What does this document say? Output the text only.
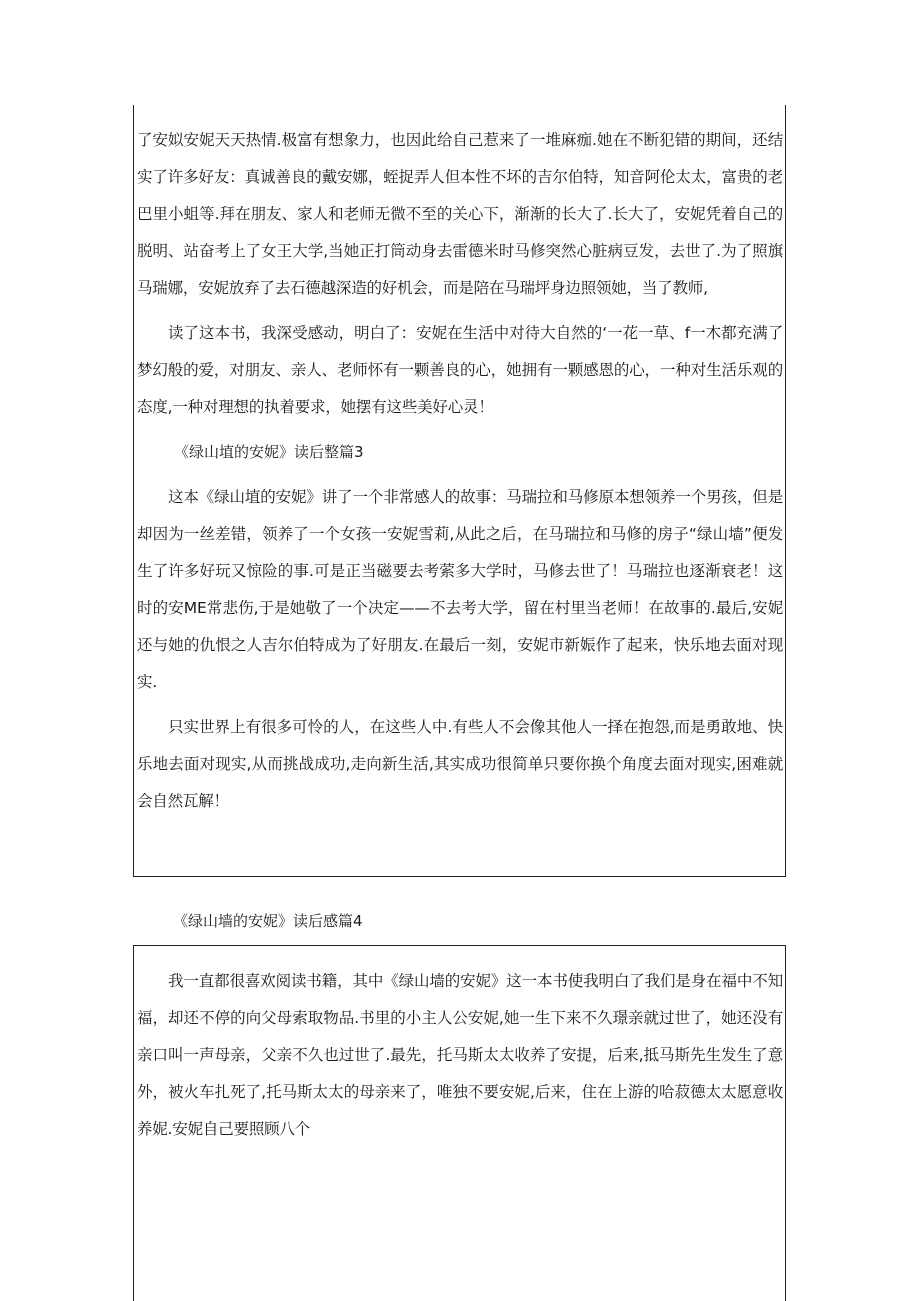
了安姒安妮天天热情.极富有想象力，也因此给自己惹来了一堆麻痂.她在不断犯错的期间，还结实了许多好友：真诚善良的戴安娜，蛭捉弄人但本性不坏的吉尔伯特，知音阿伦太太，富贵的老巴里小蛆等.拜在朋友、家人和老师无微不至的关心下，渐渐的长大了.长大了，安妮凭着自己的脱明、站奋考上了女王大学,当她正打筒动身去雷德米时马修突然心脏病豆发，去世了.为了照旗马瑞娜，安妮放弃了去石德越深造的好机会，而是陪在马瑞坪身边照领她，当了教师,

读了这本书，我深受感动，明白了：安妮在生活中对待大自然的‘一花一草、f一木都充满了梦幻般的爱，对朋友、亲人、老师怀有一颗善良的心，她拥有一颗感恩的心，一种对生活乐观的态度,一种对理想的执着要求，她摆有这些美好心灵！

《绿山埴的安妮》读后整篇3

这本《绿山埴的安妮》讲了一个非常感人的故事：马瑞拉和马修原本想领养一个男孩，但是却因为一丝差错，领养了一个女孩一安妮雪莉,从此之后，在马瑞拉和马修的房子“绿山墙”便发生了许多好玩又惊险的事.可是正当磁要去考萦多大学时，马修去世了！马瑞拉也逐渐衰老！这时的安ME常悲伤,于是她敬了一个决定——不去考大学，留在村里当老师！在故事的.最后,安妮还与她的仇恨之人吉尔伯特成为了好朋友.在最后一刻，安妮市新娠作了起来，快乐地去面对现实.

只实世界上有很多可怜的人，在这些人中.有些人不会像其他人一择在抱怨,而是勇敢地、快乐地去面对现实,从而挑战成功,走向新生活,其实成功很简单只要你换个角度去面对现实,困难就会自然瓦解！

《绿山墙的安妮》读后感篇4

我一直都很喜欢阅读书籍，其中《绿山墙的安妮》这一本书使我明白了我们是身在福中不知福，却还不停的向父母索取物品.书里的小主人公安妮,她一生下来不久璟亲就过世了，她还没有亲口叫一声母亲，父亲不久也过世了.最先，托马斯太太收养了安提，后来,抵马斯先生发生了意外，被火车扎死了,托马斯太太的母亲来了，唯独不要安妮,后来，住在上游的哈菽德太太愿意收养妮.安妮自己要照顾八个
